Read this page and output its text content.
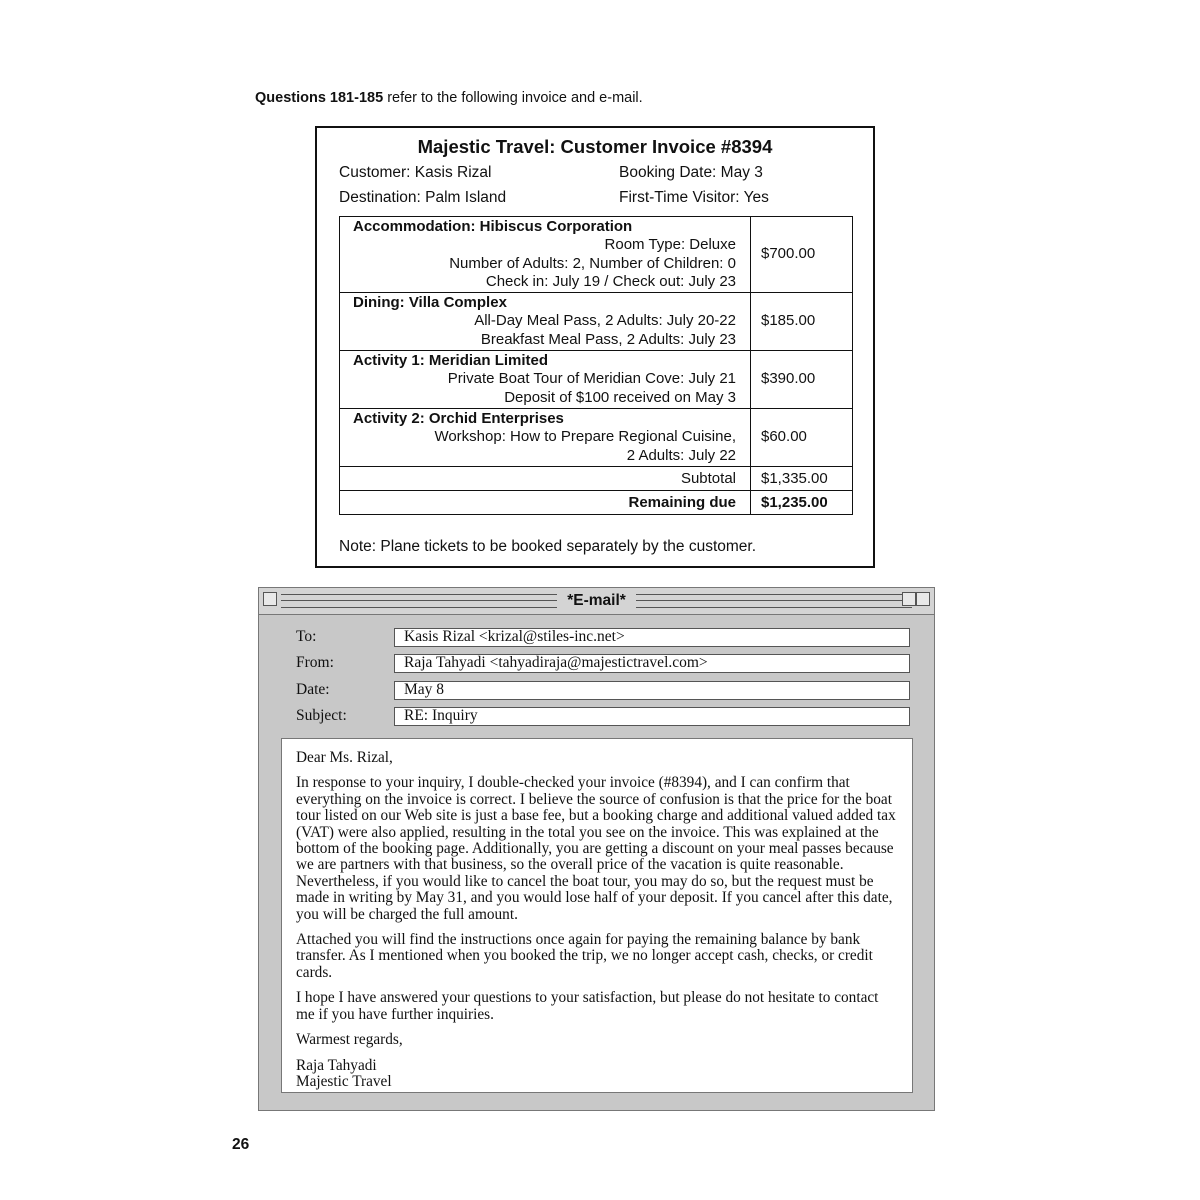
Questions 181-185 refer to the following invoice and e-mail.
Majestic Travel: Customer Invoice #8394
Customer: Kasis Rizal	Booking Date: May 3
Destination: Palm Island	First-Time Visitor: Yes
Accommodation: Hibiscus Corporation
Room Type: Deluxe
Number of Adults: 2, Number of Children: 0
Check in: July 19 / Check out: July 23	$700.00

Dining: Villa Complex
All-Day Meal Pass, 2 Adults: July 20-22
Breakfast Meal Pass, 2 Adults: July 23	$185.00

Activity 1: Meridian Limited
Private Boat Tour of Meridian Cove: July 21
Deposit of $100 received on May 3	$390.00

Activity 2: Orchid Enterprises
Workshop: How to Prepare Regional Cuisine,
2 Adults: July 22	$60.00
Subtotal	$1,335.00
Remaining due	$1,235.00
Note: Plane tickets to be booked separately by the customer.
*E-mail*
To:	Kasis Rizal <krizal@stiles-inc.net>
From:	Raja Tahyadi <tahyadiraja@majestictravel.com>
Date:	May 8
Subject:	RE: Inquiry

Dear Ms. Rizal,

In response to your inquiry, I double-checked your invoice (#8394), and I can confirm that everything on the invoice is correct. I believe the source of confusion is that the price for the boat tour listed on our Web site is just a base fee, but a booking charge and additional valued added tax (VAT) were also applied, resulting in the total you see on the invoice. This was explained at the bottom of the booking page. Additionally, you are getting a discount on your meal passes because we are partners with that business, so the overall price of the vacation is quite reasonable. Nevertheless, if you would like to cancel the boat tour, you may do so, but the request must be made in writing by May 31, and you would lose half of your deposit. If you cancel after this date, you will be charged the full amount.

Attached you will find the instructions once again for paying the remaining balance by bank transfer. As I mentioned when you booked the trip, we no longer accept cash, checks, or credit cards.

I hope I have answered your questions to your satisfaction, but please do not hesitate to contact me if you have further inquiries.

Warmest regards,

Raja Tahyadi
Majestic Travel
26
